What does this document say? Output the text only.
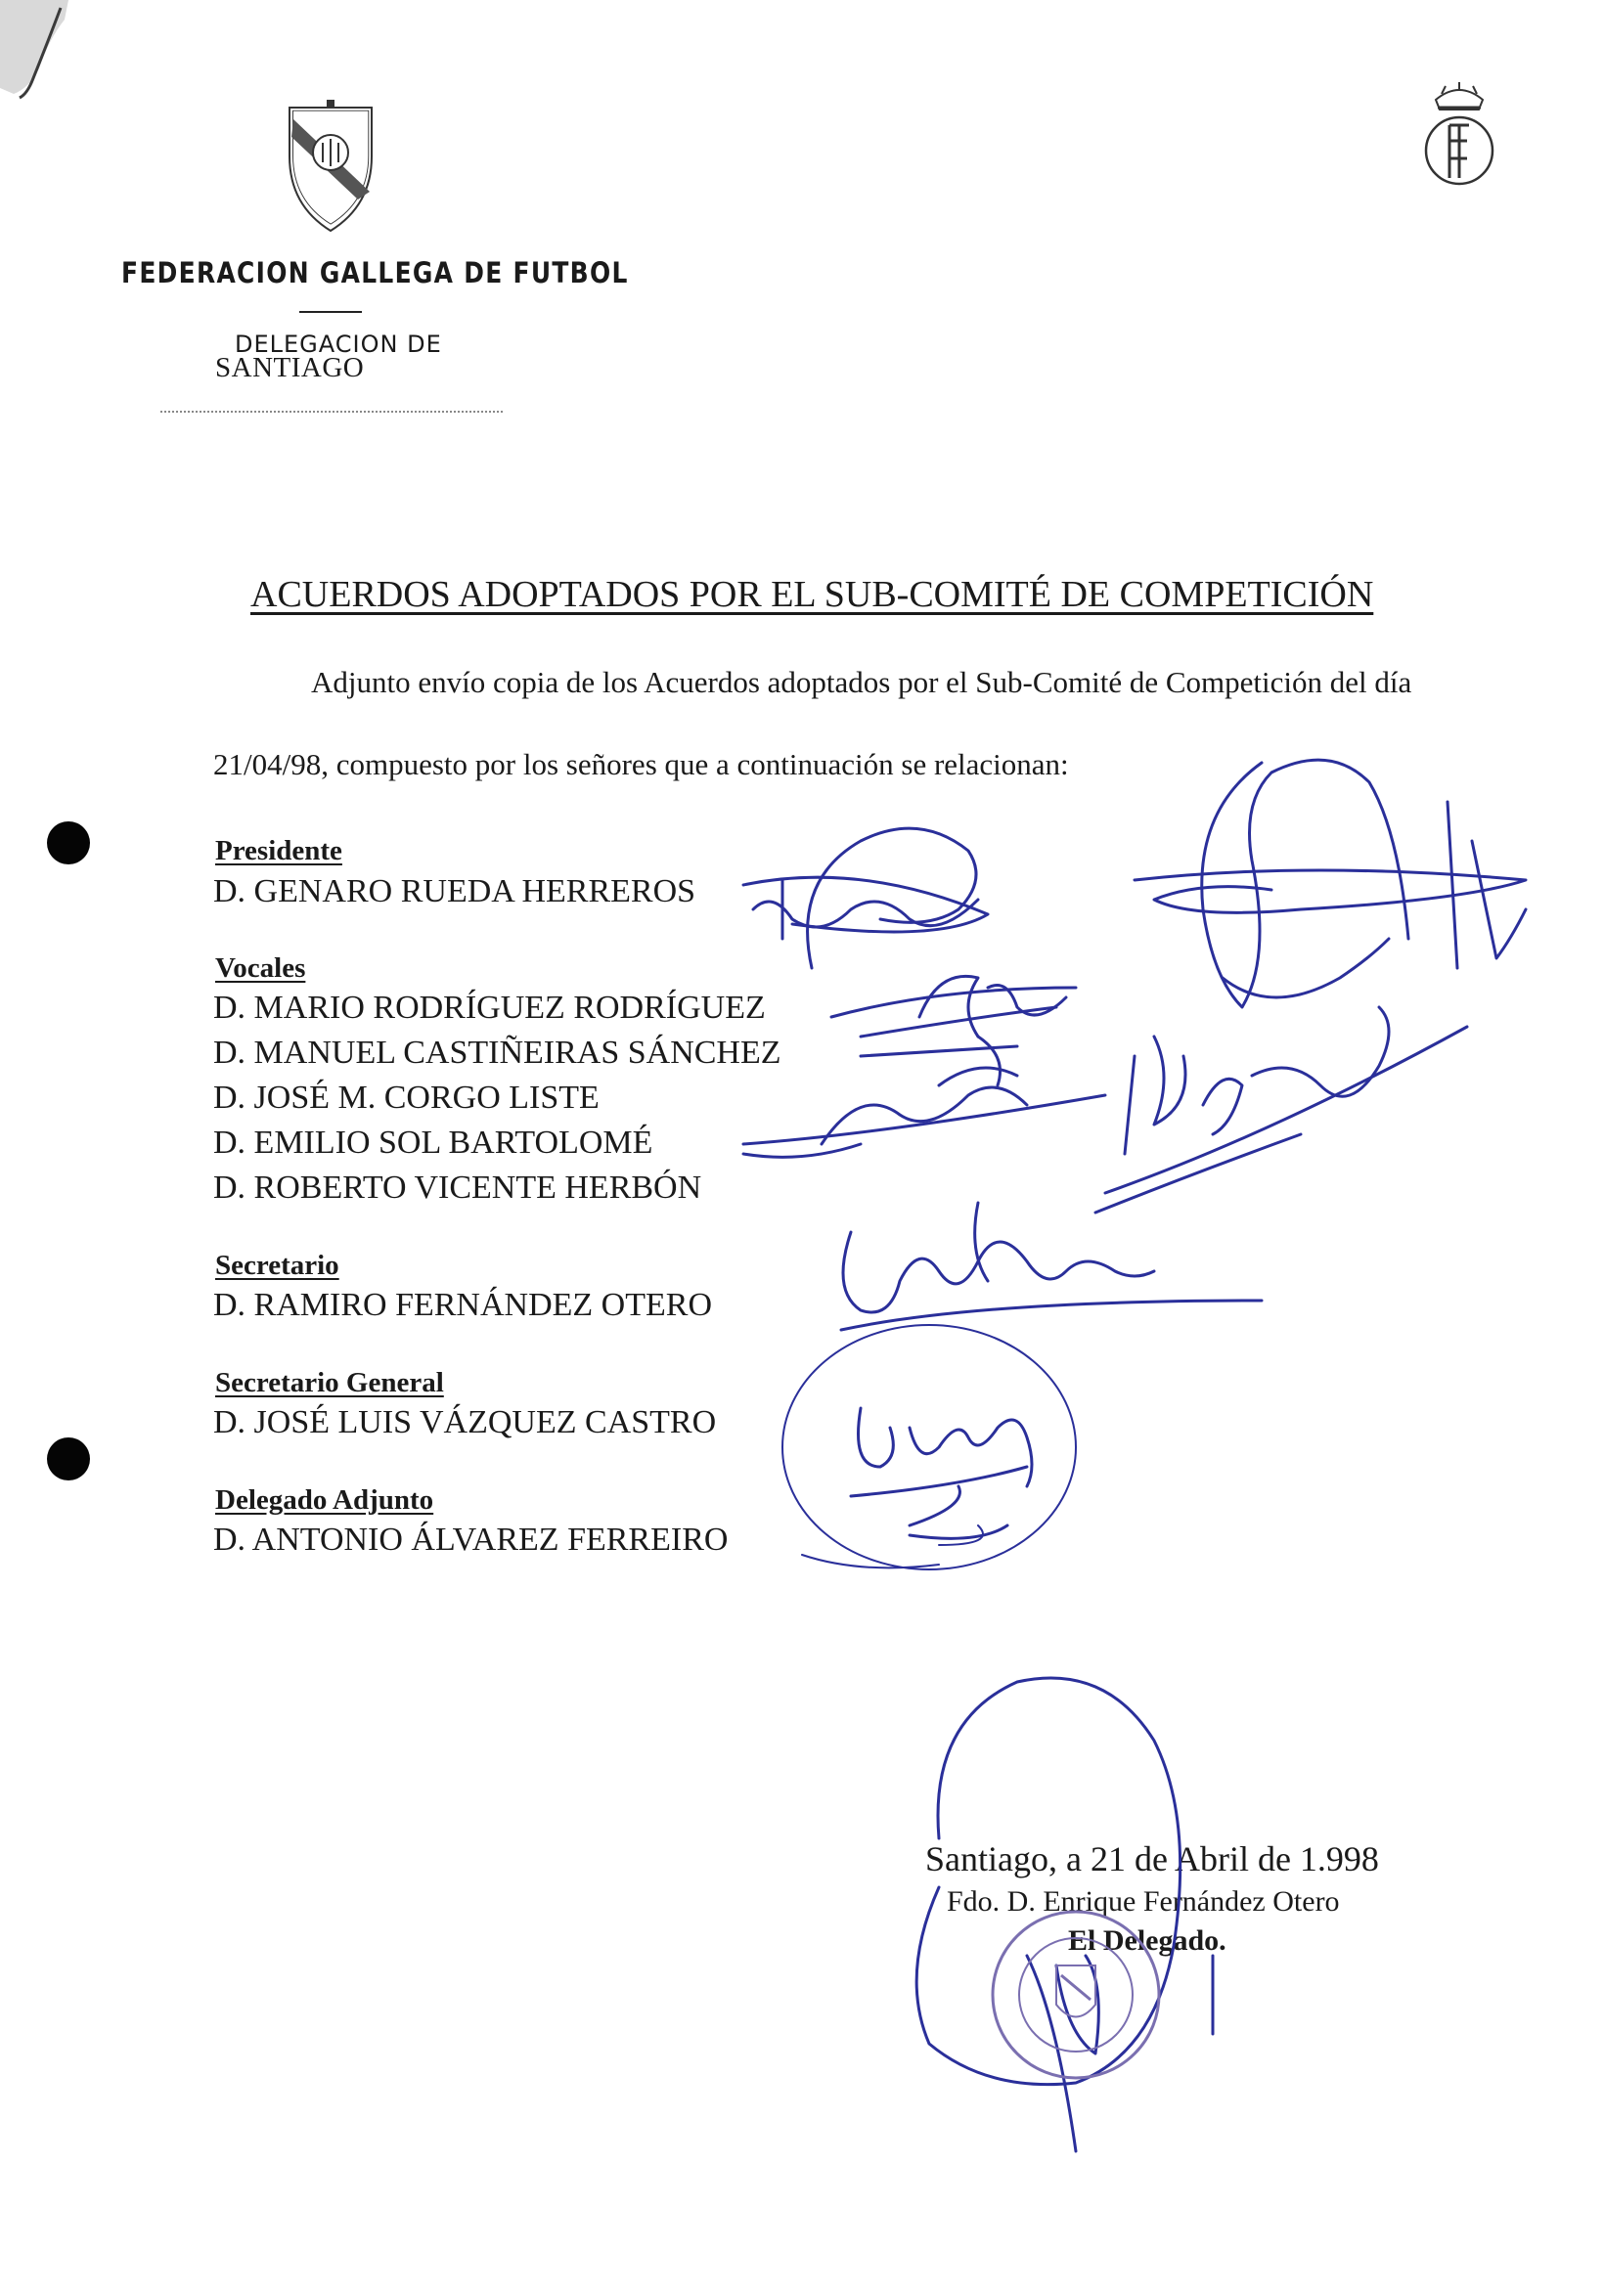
FEDERACION GALLEGA DE FUTBOL
DELEGACION DE
SANTIAGO
ACUERDOS ADOPTADOS POR EL SUB-COMITÉ DE COMPETICIÓN
Adjunto envío copia de los Acuerdos adoptados por el Sub-Comité de Competición del día
21/04/98, compuesto por los señores que a continuación se relacionan:
Presidente
D. GENARO RUEDA HERREROS
Vocales
D. MARIO RODRÍGUEZ RODRÍGUEZ
D. MANUEL CASTIÑEIRAS SÁNCHEZ
D. JOSÉ M. CORGO LISTE
D. EMILIO SOL BARTOLOMÉ
D. ROBERTO VICENTE HERBÓN
Secretario
D. RAMIRO FERNÁNDEZ OTERO
Secretario General
D. JOSÉ LUIS VÁZQUEZ CASTRO
Delegado Adjunto
D. ANTONIO ÁLVAREZ FERREIRO
Santiago, a 21 de Abril de 1.998
Fdo. D. Enrique Fernández Otero
El Delegado.
